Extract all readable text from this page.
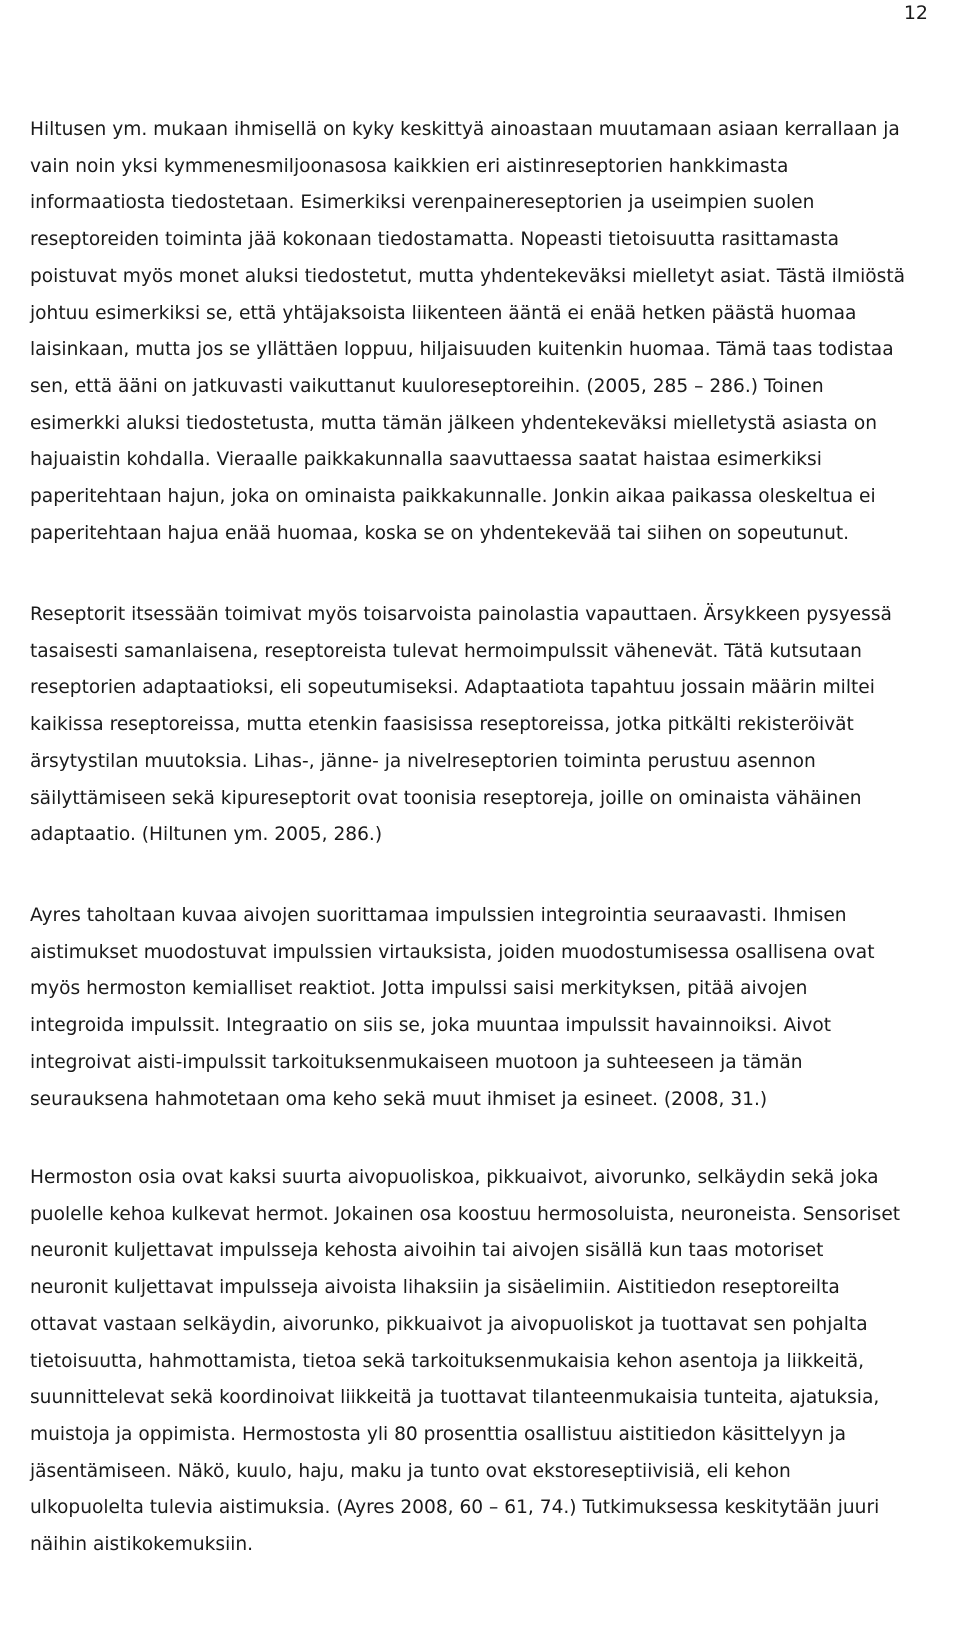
12
Hiltusen ym. mukaan ihmisellä on kyky keskittyä ainoastaan muutamaan asiaan kerrallaan ja
vain noin yksi kymmenesmiljoonasosa kaikkien eri aistinreseptorien hankkimasta
informaatiosta tiedostetaan. Esimerkiksi verenpainereseptorien ja useimpien suolen
reseptoreiden toiminta jää kokonaan tiedostamatta. Nopeasti tietoisuutta rasittamasta
poistuvat myös monet aluksi tiedostetut, mutta yhdentekeväksi mielletyt asiat. Tästä ilmiöstä
johtuu esimerkiksi se, että yhtäjaksoista liikenteen ääntä ei enää hetken päästä huomaa
laisinkaan, mutta jos se yllättäen loppuu, hiljaisuuden kuitenkin huomaa. Tämä taas todistaa
sen, että ääni on jatkuvasti vaikuttanut kuuloreseptoreihin. (2005, 285 – 286.) Toinen
esimerkki aluksi tiedostetusta, mutta tämän jälkeen yhdentekeväksi mielletystä asiasta on
hajuaistin kohdalla. Vieraalle paikkakunnalla saavuttaessa saatat haistaa esimerkiksi
paperitehtaan hajun, joka on ominaista paikkakunnalle. Jonkin aikaa paikassa oleskeltua ei
paperitehtaan hajua enää huomaa, koska se on yhdentekevää tai siihen on sopeutunut.
Reseptorit itsessään toimivat myös toisarvoista painolastia vapauttaen. Ärsykkeen pysyessä
tasaisesti samanlaisena, reseptoreista tulevat hermoimpulssit vähenevät. Tätä kutsutaan
reseptorien adaptaatioksi, eli sopeutumiseksi. Adaptaatiota tapahtuu jossain määrin miltei
kaikissa reseptoreissa, mutta etenkin faasisissa reseptoreissa, jotka pitkälti rekisteröivät
ärsytystilan muutoksia. Lihas-, jänne- ja nivelreseptorien toiminta perustuu asennon
säilyttämiseen sekä kipureseptorit ovat toonisia reseptoreja, joille on ominaista vähäinen
adaptaatio. (Hiltunen ym. 2005, 286.)
Ayres taholtaan kuvaa aivojen suorittamaa impulssien integrointia seuraavasti. Ihmisen
aistimukset muodostuvat impulssien virtauksista, joiden muodostumisessa osallisena ovat
myös hermoston kemialliset reaktiot. Jotta impulssi saisi merkityksen, pitää aivojen
integroida impulssit. Integraatio on siis se, joka muuntaa impulssit havainnoiksi. Aivot
integroivat aisti-impulssit tarkoituksenmukaiseen muotoon ja suhteeseen ja tämän
seurauksena hahmotetaan oma keho sekä muut ihmiset ja esineet. (2008, 31.)
Hermoston osia ovat kaksi suurta aivopuoliskoa, pikkuaivot, aivorunko, selkäydin sekä joka
puolelle kehoa kulkevat hermot. Jokainen osa koostuu hermosoluista, neuroneista. Sensoriset
neuronit kuljettavat impulsseja kehosta aivoihin tai aivojen sisällä kun taas motoriset
neuronit kuljettavat impulsseja aivoista lihaksiin ja sisäelimiin. Aistitiedon reseptoreilta
ottavat vastaan selkäydin, aivorunko, pikkuaivot ja aivopuoliskot ja tuottavat sen pohjalta
tietoisuutta, hahmottamista, tietoa sekä tarkoituksenmukaisia kehon asentoja ja liikkeitä,
suunnittelevat sekä koordinoivat liikkeitä ja tuottavat tilanteenmukaisia tunteita, ajatuksia,
muistoja ja oppimista. Hermostosta yli 80 prosenttia osallistuu aistitiedon käsittelyyn ja
jäsentämiseen. Näkö, kuulo, haju, maku ja tunto ovat ekstoreseptiivisiä, eli kehon
ulkopuolelta tulevia aistimuksia. (Ayres 2008, 60 – 61, 74.) Tutkimuksessa keskitytään juuri
näihin aistikokemuksiin.
